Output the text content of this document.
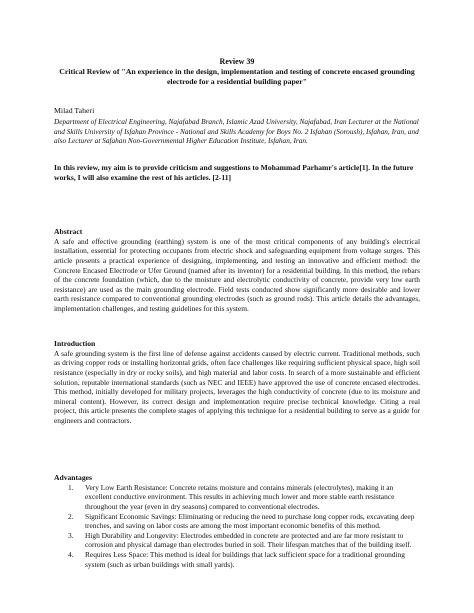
Review 39
Critical Review of "An experience in the design, implementation and testing of concrete encased grounding electrode for a residential building paper"
Milad Taheri
Department of Electrical Engineering, Najafabad Branch, Islamic Azad University, Najafabad, Iran Lecturer at the National and Skills University of Isfahan Province - National and Skills Academy for Boys No. 2 Isfahan (Soroush), Isfahan, Iran, and also Lecturer at Safahan Non-Governmental Higher Education Institute, Isfahan, Iran.
In this review, my aim is to provide criticism and suggestions to Mohammad Parhamr's article[1]. In the future works, I will also examine the rest of his articles. [2-11]
Abstract

A safe and effective grounding (earthing) system is one of the most critical components of any building's electrical installation, essential for protecting occupants from electric shock and safeguarding equipment from voltage surges. This article presents a practical experience of designing, implementing, and testing an innovative and efficient method: the Concrete Encased Electrode or Ufer Ground (named after its inventor) for a residential building. In this method, the rebars of the concrete foundation (which, due to the moisture and electrolytic conductivity of concrete, provide very low earth resistance) are used as the main grounding electrode. Field tests conducted show significantly more desirable and lower earth resistance compared to conventional grounding electrodes (such as ground rods). This article details the advantages, implementation challenges, and testing guidelines for this system.

Introduction

A safe grounding system is the first line of defense against accidents caused by electric current. Traditional methods, such as driving copper rods or installing horizontal grids, often face challenges like requiring sufficient physical space, high soil resistance (especially in dry or rocky soils), and high material and labor costs. In search of a more sustainable and efficient solution, reputable international standards (such as NEC and IEEE) have approved the use of concrete encased electrodes. This method, initially developed for military projects, leverages the high conductivity of concrete (due to its moisture and mineral content). However, its correct design and implementation require precise technical knowledge. Citing a real project, this article presents the complete stages of applying this technique for a residential building to serve as a guide for engineers and contractors.

Advantages
1. Very Low Earth Resistance: Concrete retains moisture and contains minerals (electrolytes), making it an excellent conductive environment. This results in achieving much lower and more stable earth resistance throughout the year (even in dry seasons) compared to conventional electrodes.
2. Significant Economic Savings: Eliminating or reducing the need to purchase long copper rods, excavating deep trenches, and saving on labor costs are among the most important economic benefits of this method.
3. High Durability and Longevity: Electrodes embedded in concrete are protected and are far more resistant to corrosion and physical damage than electrodes buried in soil. Their lifespan matches that of the building itself.
4. Requires Less Space: This method is ideal for buildings that lack sufficient space for a traditional grounding system (such as urban buildings with small yards).
